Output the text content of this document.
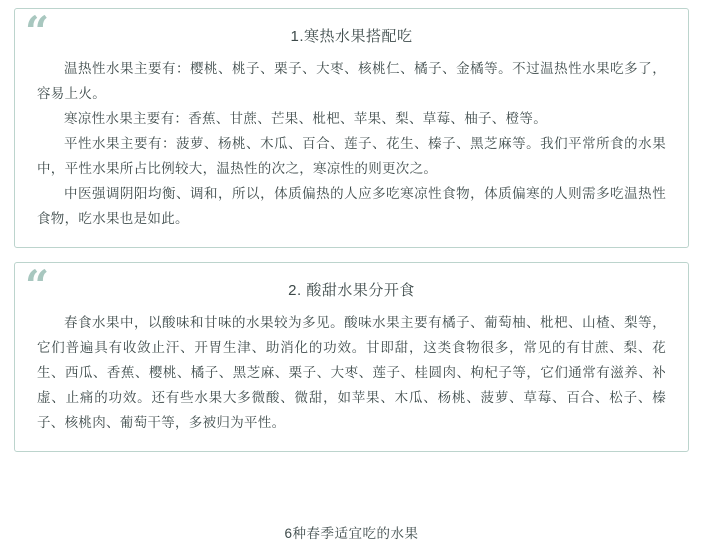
“	1.寒热水果搭配吃

温热性水果主要有：樱桃、桃子、栗子、大枣、核桃仁、橘子、金橘等。不过温热性水果吃多了，容易上火。

寒凉性水果主要有：香蕉、甘蔗、芒果、枇杷、苹果、梨、草莓、柚子、橙等。

平性水果主要有：菠萝、杨桃、木瓜、百合、莲子、花生、榛子、黑芝麻等。我们平常所食的水果中，平性水果所占比例较大，温热性的次之，寒凉性的则更次之。

中医强调阴阳均衡、调和，所以，体质偏热的人应多吃寒凉性食物，体质偏寒的人则需多吃温热性食物，吃水果也是如此。

“	2. 酸甜水果分开食

春食水果中，以酸味和甘味的水果较为多见。酸味水果主要有橘子、葡萄柚、枇杷、山楂、梨等，它们普遍具有收敛止汗、开胃生津、助消化的功效。甘即甜，这类食物很多，常见的有甘蔗、梨、花生、西瓜、香蕉、樱桃、橘子、黑芝麻、栗子、大枣、莲子、桂圆肉、枸杞子等，它们通常有滋养、补虚、止痛的功效。还有些水果大多微酸、微甜，如苹果、木瓜、杨桃、菠萝、草莓、百合、松子、榛子、核桃肉、葡萄干等，多被归为平性。

6种春季适宜吃的水果
